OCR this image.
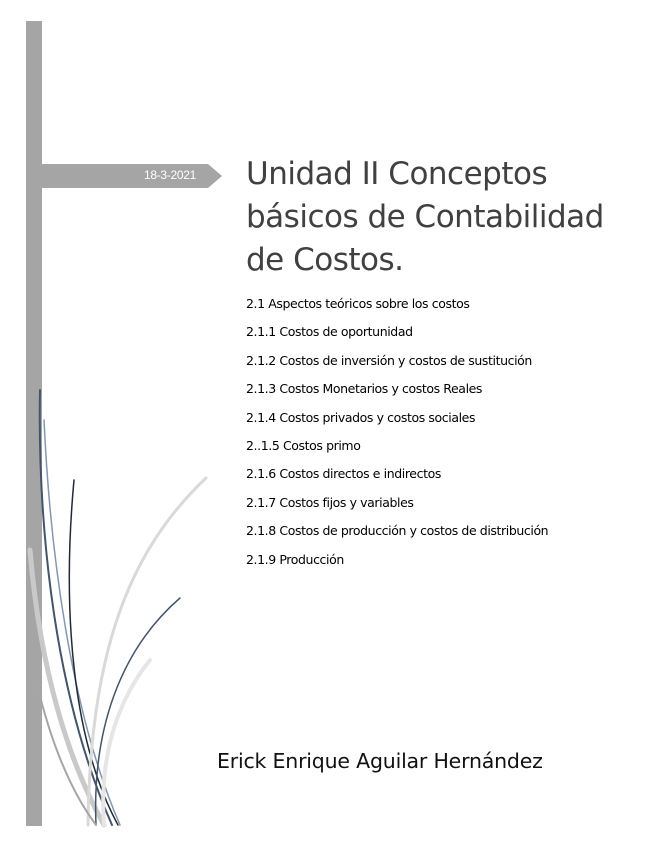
18-3-2021 Unidad II Conceptos básicos de Contabilidad de Costos.
2.1 Aspectos teóricos sobre los costos
2.1.1 Costos de oportunidad
2.1.2 Costos de inversión y costos de sustitución
2.1.3 Costos Monetarios y costos Reales
2.1.4 Costos privados y costos sociales
2..1.5 Costos primo
2.1.6 Costos directos e indirectos
2.1.7 Costos fijos y variables
2.1.8 Costos de producción y costos de distribución
2.1.9 Producción

Erick Enrique Aguilar Hernández
